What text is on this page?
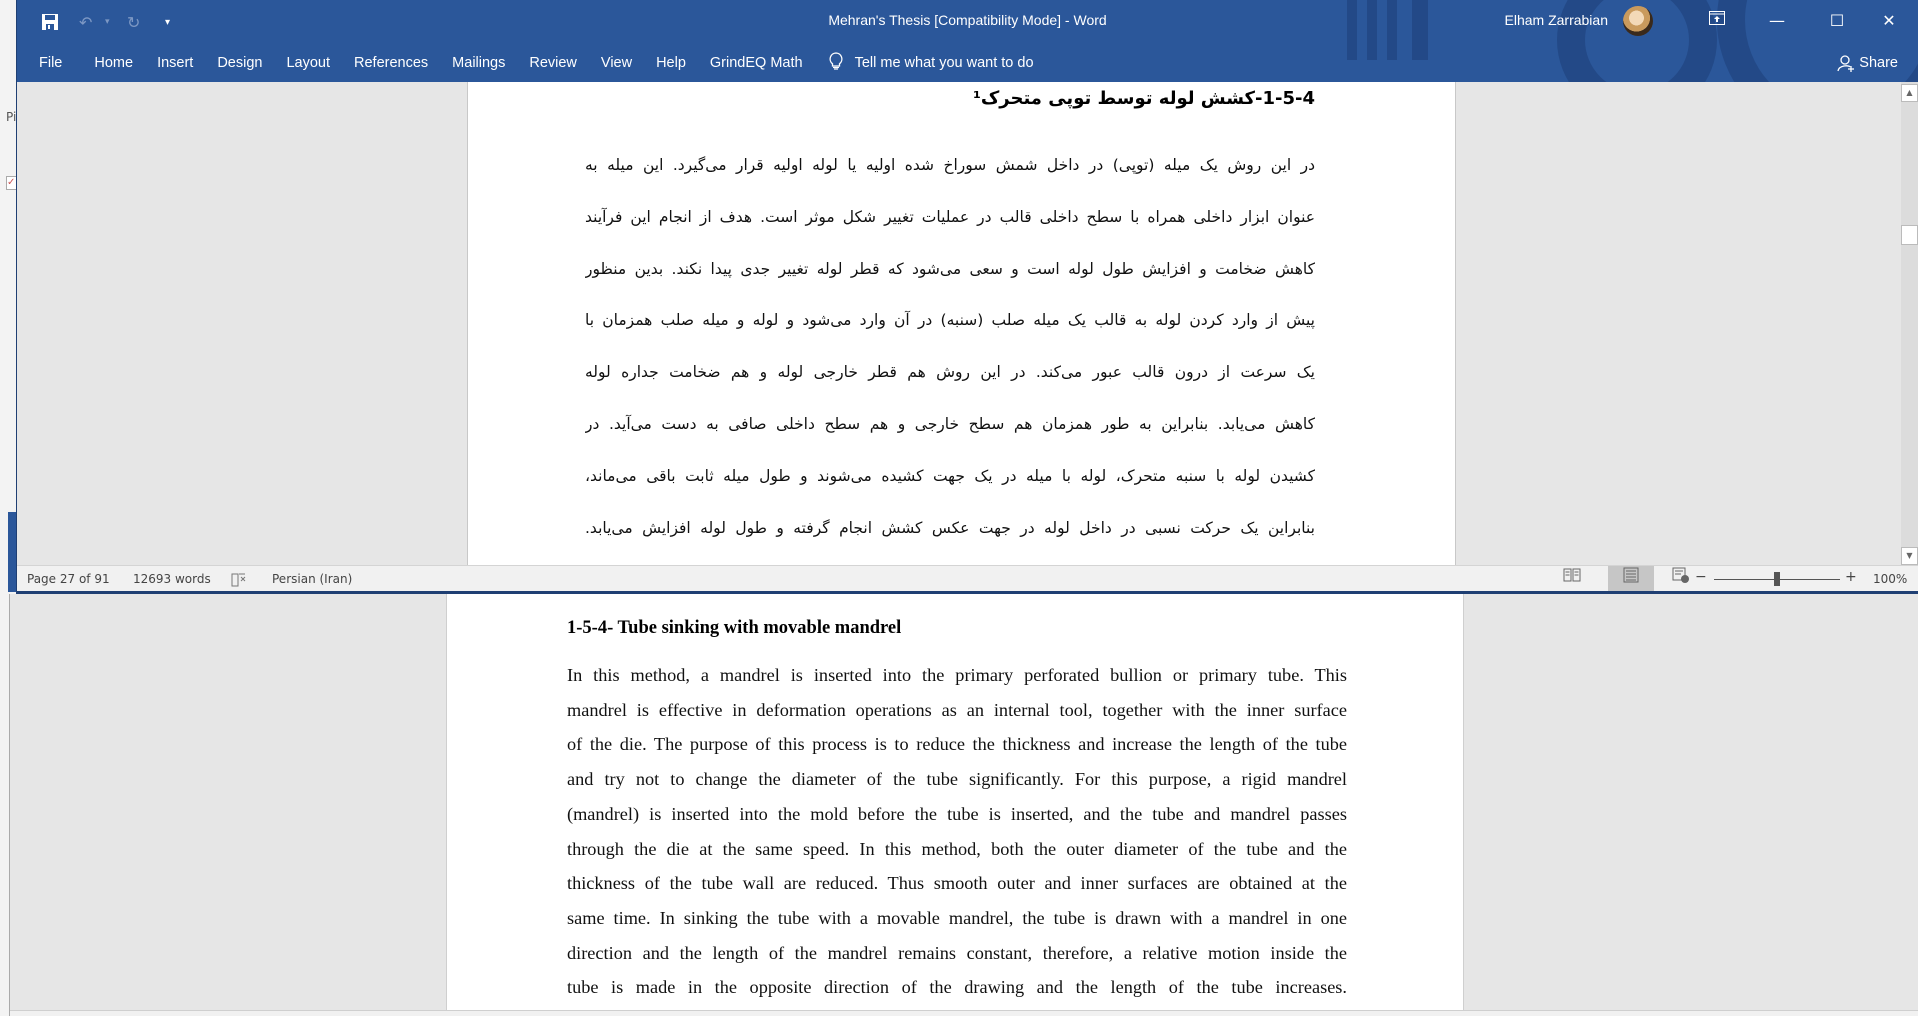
Pi
✓
↶ ▾ ↻ ▾	Mehran's Thesis [Compatibility Mode] - Word	Elham Zarrabian	—	☐	✕
File	Home	Insert	Design	Layout	References	Mailings	Review	View	Help	GrindEQ Math	Tell me what you want to do	Share
1-5-4-کشش لوله توسط توپی متحرک¹
در این روش یک میله (توپی) در داخل شمش سوراخ شده اولیه یا لوله اولیه قرار می‌گیرد. این میله به
عنوان ابزار داخلی همراه با سطح داخلی قالب در عملیات تغییر شکل موثر است. هدف از انجام این فرآیند
کاهش ضخامت و افزایش طول لوله است و سعی می‌شود که قطر لوله تغییر جدی پیدا نکند. بدین منظور
پیش از وارد کردن لوله به قالب یک میله صلب (سنبه) در آن وارد می‌شود و لوله و میله صلب همزمان با
یک سرعت از درون قالب عبور می‌کند. در این روش هم قطر خارجی لوله و هم ضخامت جداره لوله
کاهش می‌یابد. بنابراین به طور همزمان هم سطح خارجی و هم سطح داخلی صافی به دست می‌آید. در
کشیدن لوله با سنبه متحرک، لوله با میله در یک جهت کشیده می‌شوند و طول میله ثابت باقی می‌ماند،
بنابراین یک حرکت نسبی در داخل لوله در جهت عکس کشش انجام گرفته و طول لوله افزایش می‌یابد.
▲
▼
Page 27 of 91 12693 words	Persian (Iran)	−	+ 100%
1-5-4- Tube sinking with movable mandrel
In this method, a mandrel is inserted into the primary perforated bullion or primary tube. This
mandrel is effective in deformation operations as an internal tool, together with the inner surface
of the die. The purpose of this process is to reduce the thickness and increase the length of the tube
and try not to change the diameter of the tube significantly. For this purpose, a rigid mandrel
(mandrel) is inserted into the mold before the tube is inserted, and the tube and mandrel passes
through the die at the same speed. In this method, both the outer diameter of the tube and the
thickness of the tube wall are reduced. Thus smooth outer and inner surfaces are obtained at the
same time. In sinking the tube with a movable mandrel, the tube is drawn with a mandrel in one
direction and the length of the mandrel remains constant, therefore, a relative motion inside the
tube is made in the opposite direction of the drawing and the length of the tube increases.
